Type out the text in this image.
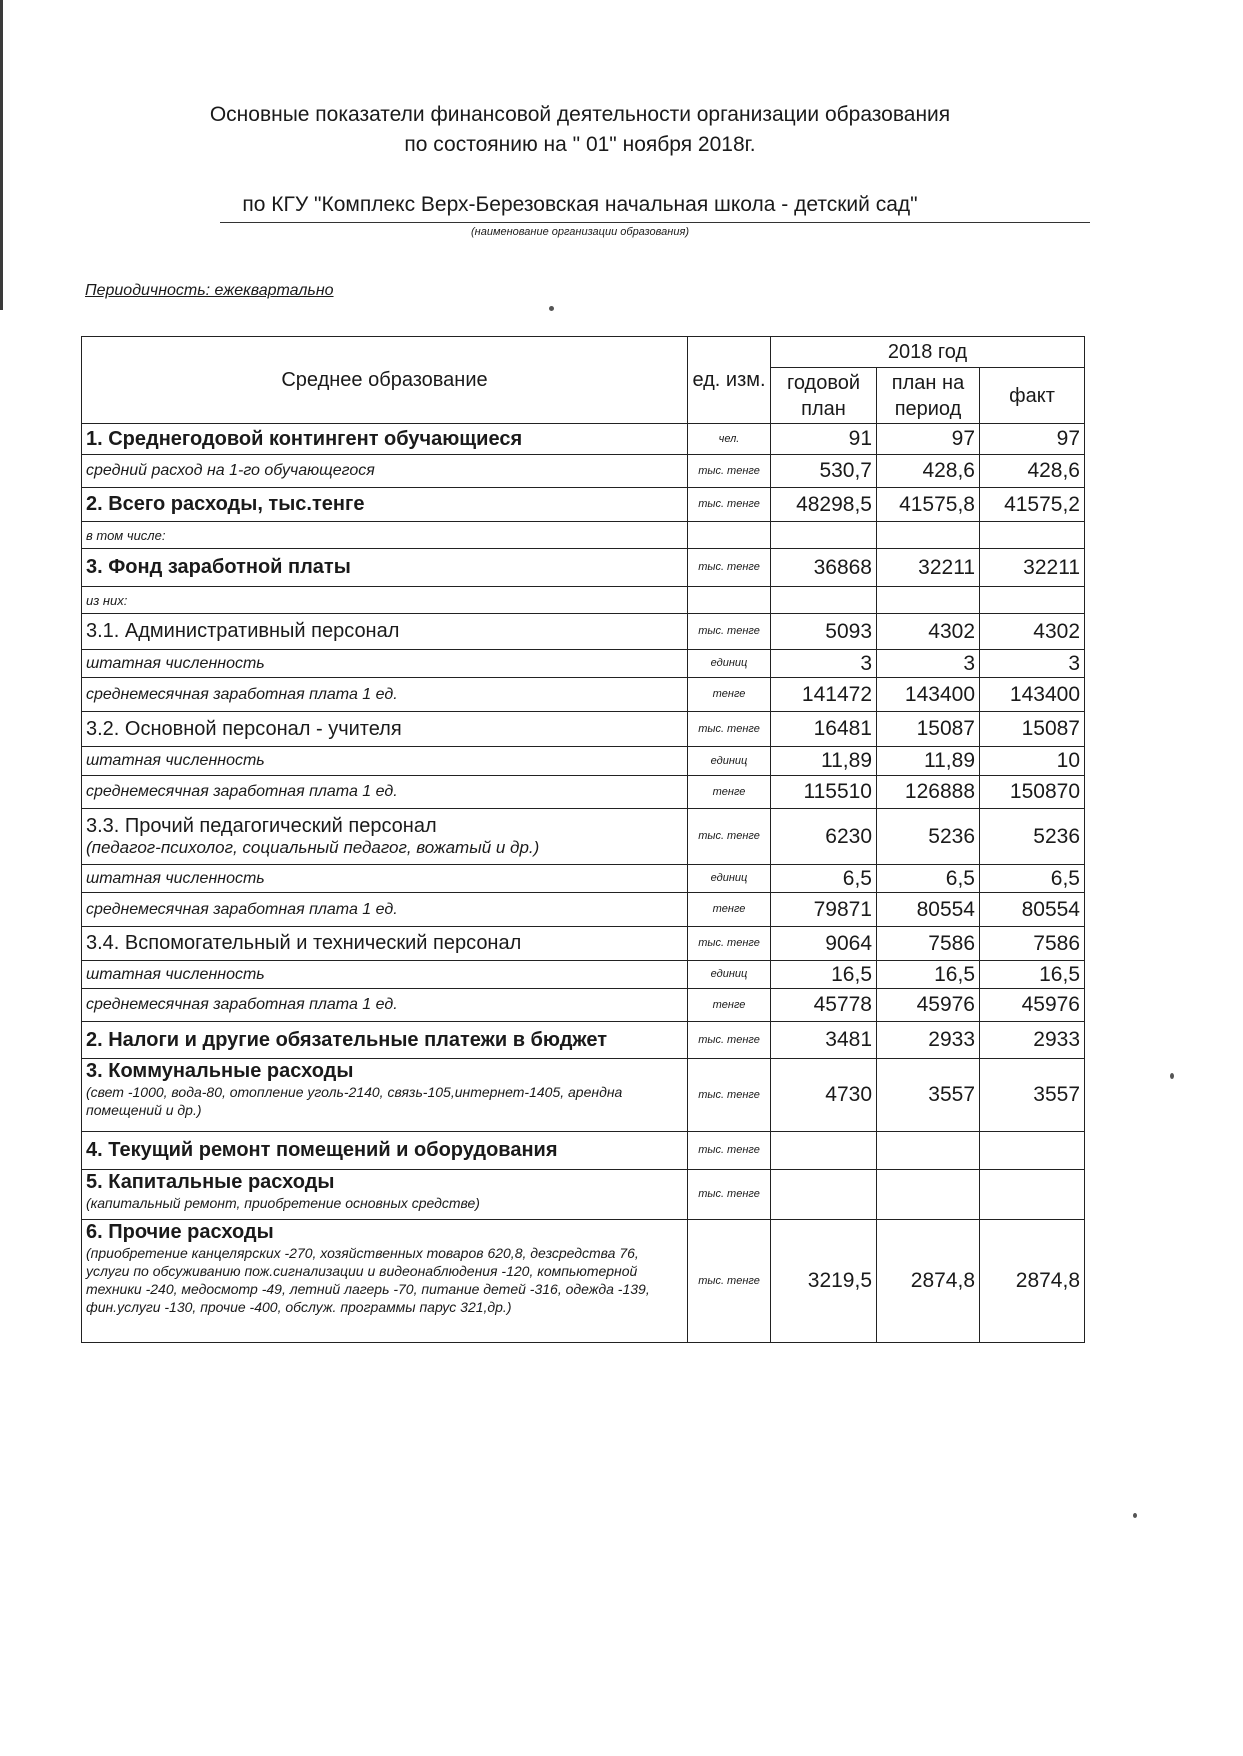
Основные показатели финансовой деятельности организации образования
по состоянию на " 01" ноября 2018г.
по КГУ "Комплекс Верх-Березовская начальная школа - детский сад"
(наименование организации образования)
Периодичность: ежеквартально
Среднее образование	ед. изм.	2018 год		
		годовой план	план на период	факт
1. Среднегодовой контингент обучающиеся	чел.	91	97	97
средний расход на 1-го обучающегося	тыс. тенге	530,7	428,6	428,6
2. Всего расходы, тыс.тенге	тыс. тенге	48298,5	41575,8	41575,2
в том числе:				
3. Фонд заработной платы	тыс. тенге	36868	32211	32211
из них:				
3.1. Административный персонал	тыс. тенге	5093	4302	4302
штатная численность	единиц	3	3	3
среднемесячная заработная плата 1 ед.	тенге	141472	143400	143400
3.2. Основной персонал - учителя	тыс. тенге	16481	15087	15087
штатная численность	единиц	11,89	11,89	10
среднемесячная заработная плата 1 ед.	тенге	115510	126888	150870
3.3. Прочий педагогический персонал
(педагог-психолог, социальный педагог, вожатый и др.)	тыс. тенге	6230	5236	5236
штатная численность	единиц	6,5	6,5	6,5
среднемесячная заработная плата 1 ед.	тенге	79871	80554	80554
3.4. Вспомогательный и технический персонал	тыс. тенге	9064	7586	7586
штатная численность	единиц	16,5	16,5	16,5
среднемесячная заработная плата 1 ед.	тенге	45778	45976	45976
2. Налоги и другие обязательные платежи в бюджет	тыс. тенге	3481	2933	2933
3. Коммунальные расходы
(свет -1000, вода-80, отопление уголь-2140, связь-105,интернет-1405, арендна помещений и др.)	тыс. тенге	4730	3557	3557
4. Текущий ремонт помещений и оборудования	тыс. тенге			
5. Капитальные расходы
(капитальный ремонт, приобретение основных средстве)	тыс. тенге			
6. Прочие расходы
(приобретение канцелярских -270, хозяйственных товаров 620,8, дезсредства 76, услуги по обсуживанию пож.сигнализации и видеонаблюдения -120, компьютерной техники -240, медосмотр -49, летний лагерь -70, питание детей -316, одежда -139, фин.услуги -130, прочие -400, обслуж. программы парус 321,др.)	тыс. тенге	3219,5	2874,8	2874,8
